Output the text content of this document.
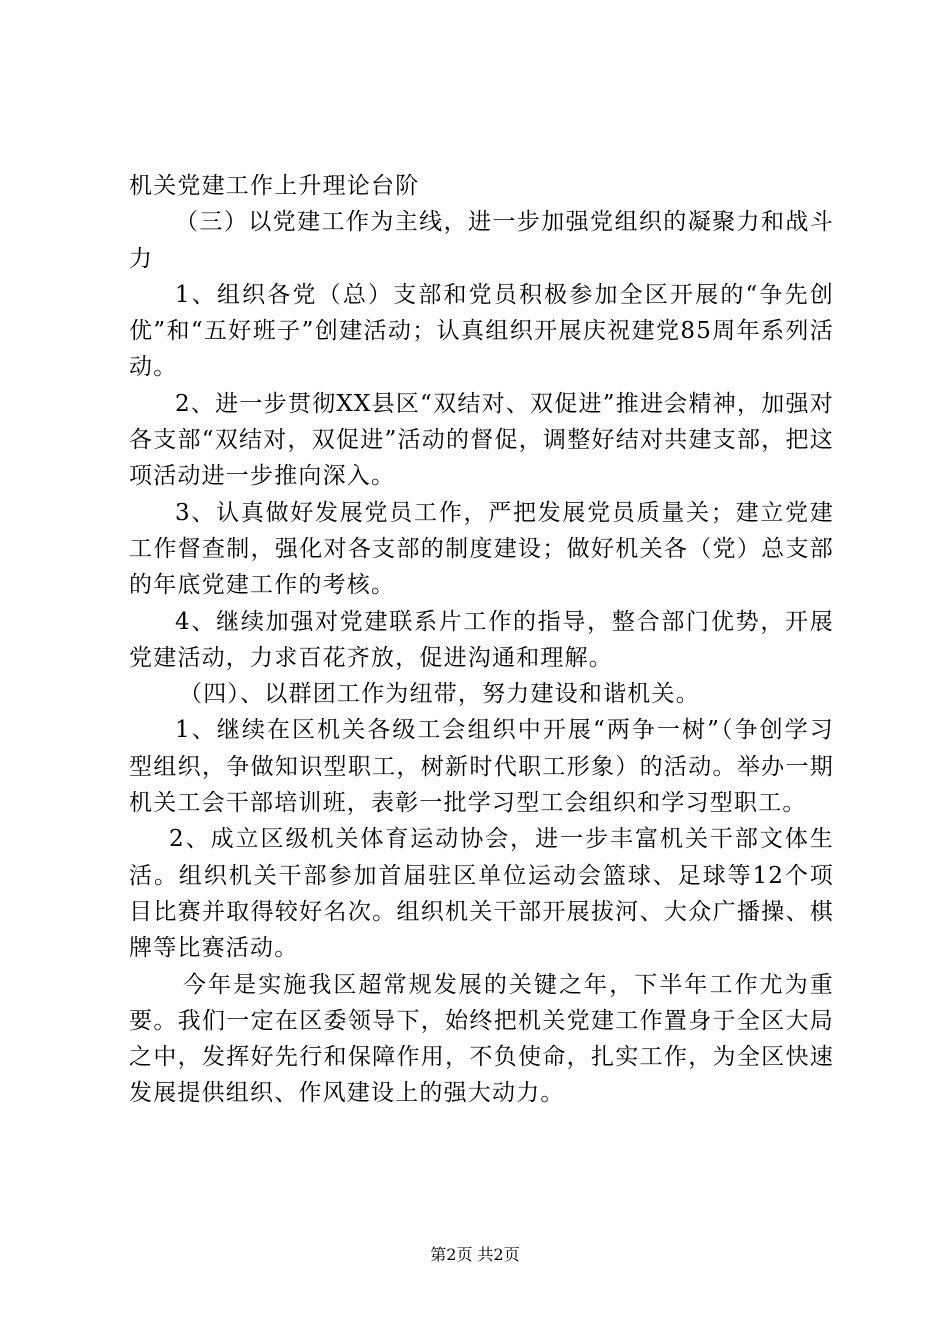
机关党建工作上升理论台阶

（三）以党建工作为主线，进一步加强党组织的凝聚力和战斗力

1、组织各党（总）支部和党员积极参加全区开展的“争先创优”和“五好班子”创建活动；认真组织开展庆祝建党85周年系列活动。

2、进一步贯彻XX县区“双结对、双促进”推进会精神，加强对各支部“双结对，双促进”活动的督促，调整好结对共建支部，把这项活动进一步推向深入。

3、认真做好发展党员工作，严把发展党员质量关；建立党建工作督查制，强化对各支部的制度建设；做好机关各（党）总支部的年底党建工作的考核。

4、继续加强对党建联系片工作的指导，整合部门优势，开展党建活动，力求百花齐放，促进沟通和理解。

（四）、以群团工作为纽带，努力建设和谐机关。

1、继续在区机关各级工会组织中开展“两争一树”（争创学习型组织，争做知识型职工，树新时代职工形象）的活动。举办一期机关工会干部培训班，表彰一批学习型工会组织和学习型职工。

2、成立区级机关体育运动协会，进一步丰富机关干部文体生活。组织机关干部参加首届驻区单位运动会篮球、足球等12个项目比赛并取得较好名次。组织机关干部开展拔河、大众广播操、棋牌等比赛活动。

今年是实施我区超常规发展的关键之年，下半年工作尤为重要。我们一定在区委领导下，始终把机关党建工作置身于全区大局之中，发挥好先行和保障作用，不负使命，扎实工作，为全区快速发展提供组织、作风建设上的强大动力。

第2页 共2页
